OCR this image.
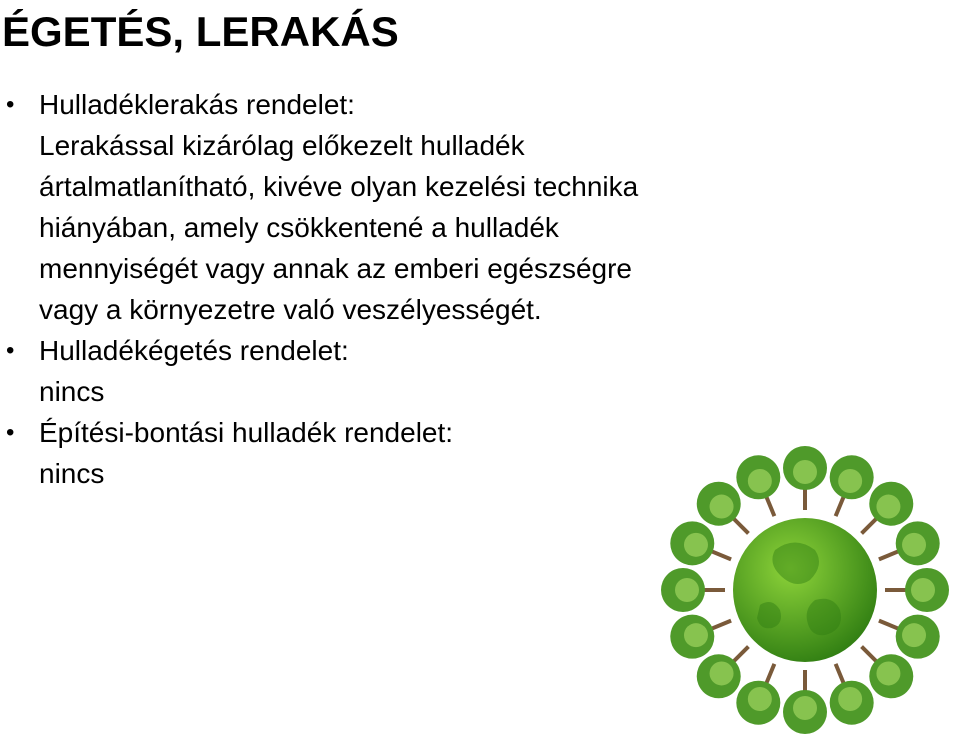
ÉGETÉS, LERAKÁS
• Hulladéklerakás rendelet:
Lerakással kizárólag előkezelt hulladék
ártalmatlanítható, kivéve olyan kezelési technika
hiányában, amely csökkentené a hulladék
mennyiségét vagy annak az emberi egészségre
vagy a környezetre való veszélyességét.
• Hulladékégetés rendelet:
nincs
• Építési-bontási hulladék rendelet:
nincs
